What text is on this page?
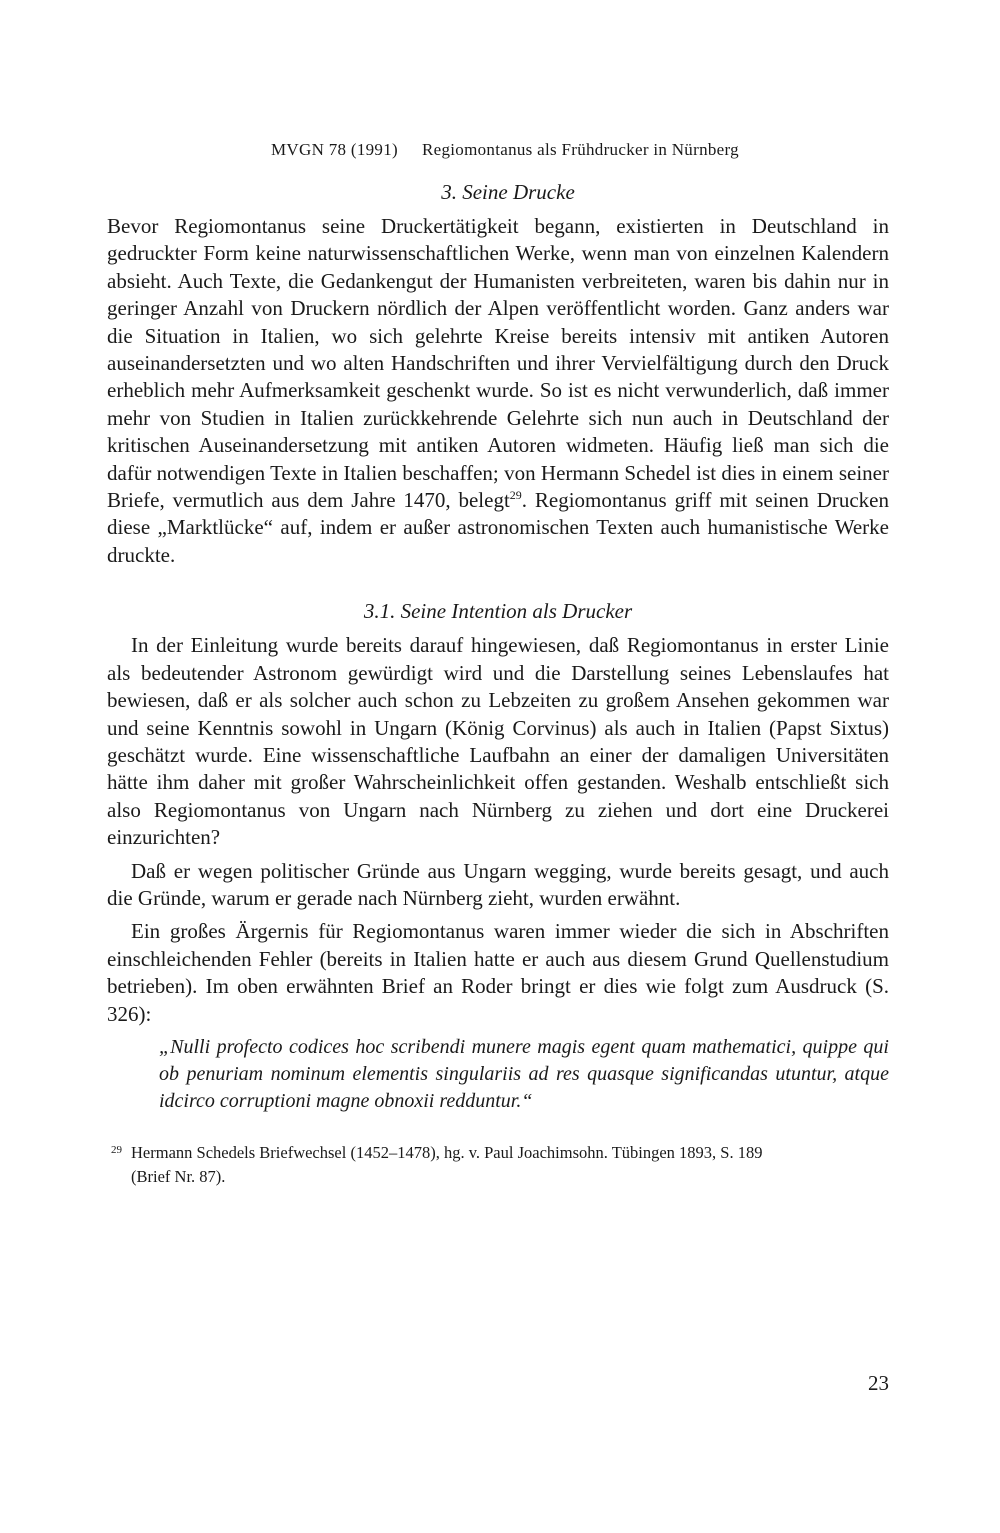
MVGN 78 (1991) Regiomontanus als Frühdrucker in Nürnberg
3. Seine Drucke

Bevor Regiomontanus seine Druckertätigkeit begann, existierten in Deutschland in gedruckter Form keine naturwissenschaftlichen Werke, wenn man von einzelnen Kalendern absieht. Auch Texte, die Gedankengut der Humanisten verbreiteten, waren bis dahin nur in geringer Anzahl von Druckern nördlich der Alpen veröffentlicht worden. Ganz anders war die Situation in Italien, wo sich gelehrte Kreise bereits intensiv mit antiken Autoren auseinandersetzten und wo alten Handschriften und ihrer Vervielfältigung durch den Druck erheblich mehr Aufmerksamkeit geschenkt wurde. So ist es nicht verwunderlich, daß immer mehr von Studien in Italien zurückkehrende Gelehrte sich nun auch in Deutschland der kritischen Auseinandersetzung mit antiken Autoren widmeten. Häufig ließ man sich die dafür notwendigen Texte in Italien beschaffen; von Hermann Schedel ist dies in einem seiner Briefe, vermutlich aus dem Jahre 1470, belegt$^{29}$. Regiomontanus griff mit seinen Drucken diese „Marktlücke“ auf, indem er außer astronomischen Texten auch humanistische Werke druckte.

3.1. Seine Intention als Drucker

In der Einleitung wurde bereits darauf hingewiesen, daß Regiomontanus in erster Linie als bedeutender Astronom gewürdigt wird und die Darstellung seines Lebenslaufes hat bewiesen, daß er als solcher auch schon zu Lebzeiten zu großem Ansehen gekommen war und seine Kenntnis sowohl in Ungarn (König Corvinus) als auch in Italien (Papst Sixtus) geschätzt wurde. Eine wissenschaftliche Laufbahn an einer der damaligen Universitäten hätte ihm daher mit großer Wahrscheinlichkeit offen gestanden. Weshalb entschließt sich also Regiomontanus von Ungarn nach Nürnberg zu ziehen und dort eine Druckerei einzurichten?

Daß er wegen politischer Gründe aus Ungarn wegging, wurde bereits gesagt, und auch die Gründe, warum er gerade nach Nürnberg zieht, wurden erwähnt.

Ein großes Ärgernis für Regiomontanus waren immer wieder die sich in Abschriften einschleichenden Fehler (bereits in Italien hatte er auch aus diesem Grund Quellenstudium betrieben). Im oben erwähnten Brief an Roder bringt er dies wie folgt zum Ausdruck (S. 326):

„Nulli profecto codices hoc scribendi munere magis egent quam mathematici, quippe qui ob penuriam nominum elementis singulariis ad res quasque significandas utuntur, atque idcirco corruptioni magne obnoxii redduntur.“
29 Hermann Schedels Briefwechsel (1452–1478), hg. v. Paul Joachimsohn. Tübingen 1893, S. 189
(Brief Nr. 87).
23
